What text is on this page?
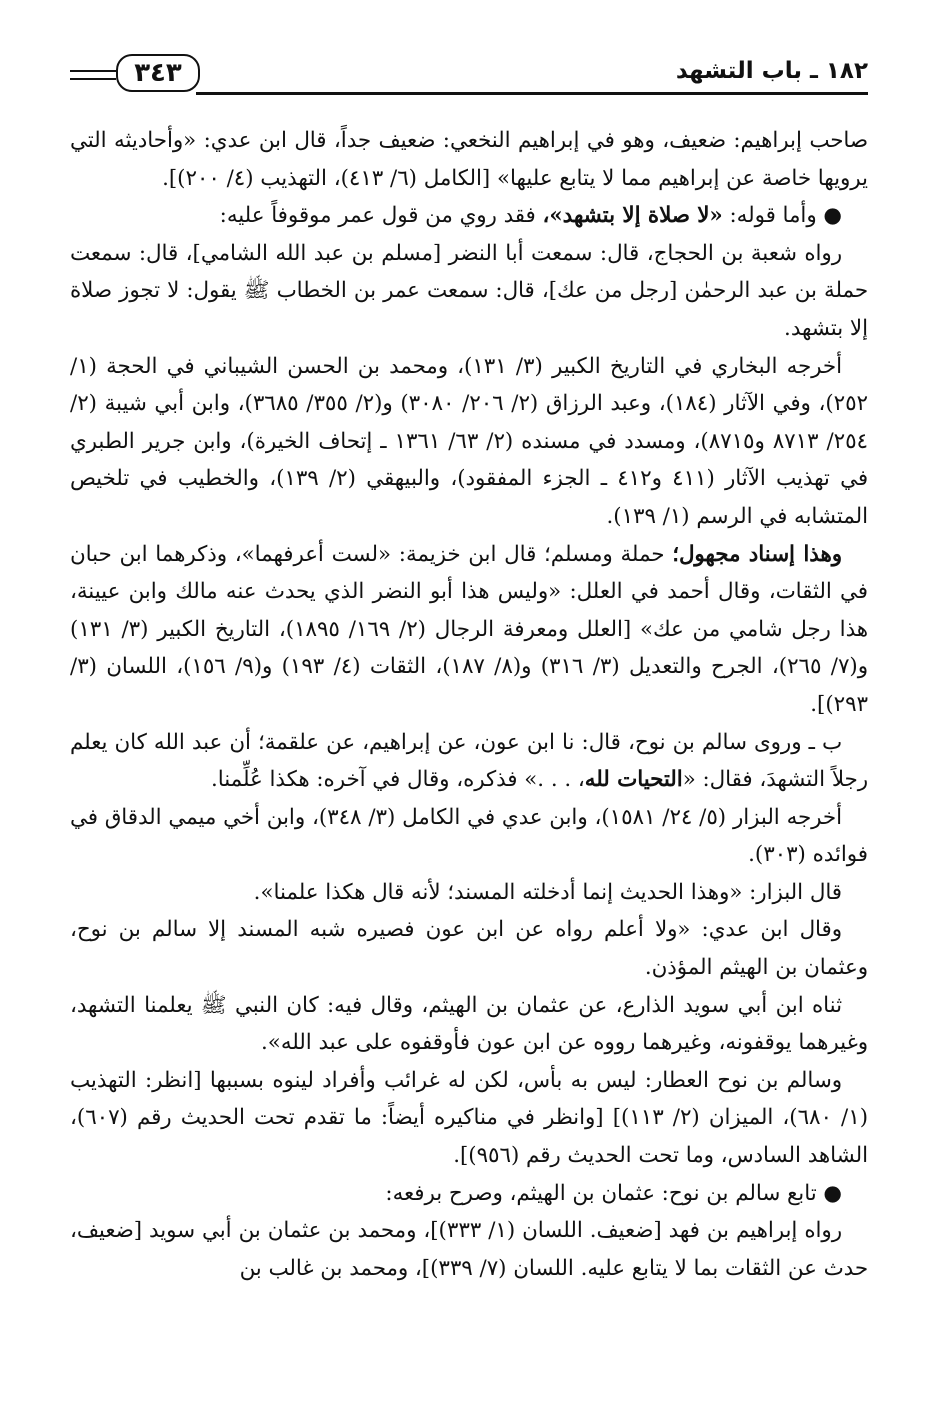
١٨٢ ـ باب التشهد
٣٤٣

صاحب إبراهيم: ضعيف، وهو في إبراهيم النخعي: ضعيف جداً، قال ابن عدي: «وأحاديثه التي يرويها خاصة عن إبراهيم مما لا يتابع عليها» [الكامل (٦/ ٤١٣)، التهذيب (٤/ ٢٠٠)].

● وأما قوله: «لا صلاة إلا بتشهد»، فقد روي من قول عمر موقوفاً عليه:

رواه شعبة بن الحجاج، قال: سمعت أبا النضر [مسلم بن عبد الله الشامي]، قال: سمعت حملة بن عبد الرحمٰن [رجل من عك]، قال: سمعت عمر بن الخطاب ﷺ يقول: لا تجوز صلاة إلا بتشهد.

أخرجه البخاري في التاريخ الكبير (٣/ ١٣١)، ومحمد بن الحسن الشيباني في الحجة (١/ ٢٥٢)، وفي الآثار (١٨٤)، وعبد الرزاق (٢/ ٢٠٦/ ٣٠٨٠) و(٢/ ٣٥٥/ ٣٦٨٥)، وابن أبي شيبة (٢/ ٢٥٤/ ٨٧١٣ و٨٧١٥)، ومسدد في مسنده (٢/ ٦٣/ ١٣٦١ ـ إتحاف الخيرة)، وابن جرير الطبري في تهذيب الآثار (٤١١ و٤١٢ ـ الجزء المفقود)، والبيهقي (٢/ ١٣٩)، والخطيب في تلخيص المتشابه في الرسم (١/ ١٣٩).

وهذا إسناد مجهول؛ حملة ومسلم؛ قال ابن خزيمة: «لست أعرفهما»، وذكرهما ابن حبان في الثقات، وقال أحمد في العلل: «وليس هذا أبو النضر الذي يحدث عنه مالك وابن عيينة، هذا رجل شامي من عك» [العلل ومعرفة الرجال (٢/ ١٦٩/ ١٨٩٥)، التاريخ الكبير (٣/ ١٣١) و(٧/ ٢٦٥)، الجرح والتعديل (٣/ ٣١٦) و(٨/ ١٨٧)، الثقات (٤/ ١٩٣) و(٩/ ١٥٦)، اللسان (٣/ ٢٩٣)].

ب ـ وروى سالم بن نوح، قال: نا ابن عون، عن إبراهيم، عن علقمة؛ أن عبد الله كان يعلم رجلاً التشهدَ، فقال: «التحيات لله، . . .» فذكره، وقال في آخره: هكذا عُلِّمنا.

أخرجه البزار (٥/ ٢٤/ ١٥٨١)، وابن عدي في الكامل (٣/ ٣٤٨)، وابن أخي ميمي الدقاق في فوائده (٣٠٣).

قال البزار: «وهذا الحديث إنما أدخلته المسند؛ لأنه قال هكذا علمنا».

وقال ابن عدي: «ولا أعلم رواه عن ابن عون فصيره شبه المسند إلا سالم بن نوح، وعثمان بن الهيثم المؤذن.

ثناه ابن أبي سويد الذارع، عن عثمان بن الهيثم، وقال فيه: كان النبي ﷺ يعلمنا التشهد، وغيرهما يوقفونه، وغيرهما رووه عن ابن عون فأوقفوه على عبد الله».

وسالم بن نوح العطار: ليس به بأس، لكن له غرائب وأفراد لينوه بسببها [انظر: التهذيب (١/ ٦٨٠)، الميزان (٢/ ١١٣)] [وانظر في مناكيره أيضاً: ما تقدم تحت الحديث رقم (٦٠٧)، الشاهد السادس، وما تحت الحديث رقم (٩٥٦)].

● تابع سالم بن نوح: عثمان بن الهيثم، وصرح برفعه:

رواه إبراهيم بن فهد [ضعيف. اللسان (١/ ٣٣٣)]، ومحمد بن عثمان بن أبي سويد [ضعيف، حدث عن الثقات بما لا يتابع عليه. اللسان (٧/ ٣٣٩)]، ومحمد بن غالب بن
